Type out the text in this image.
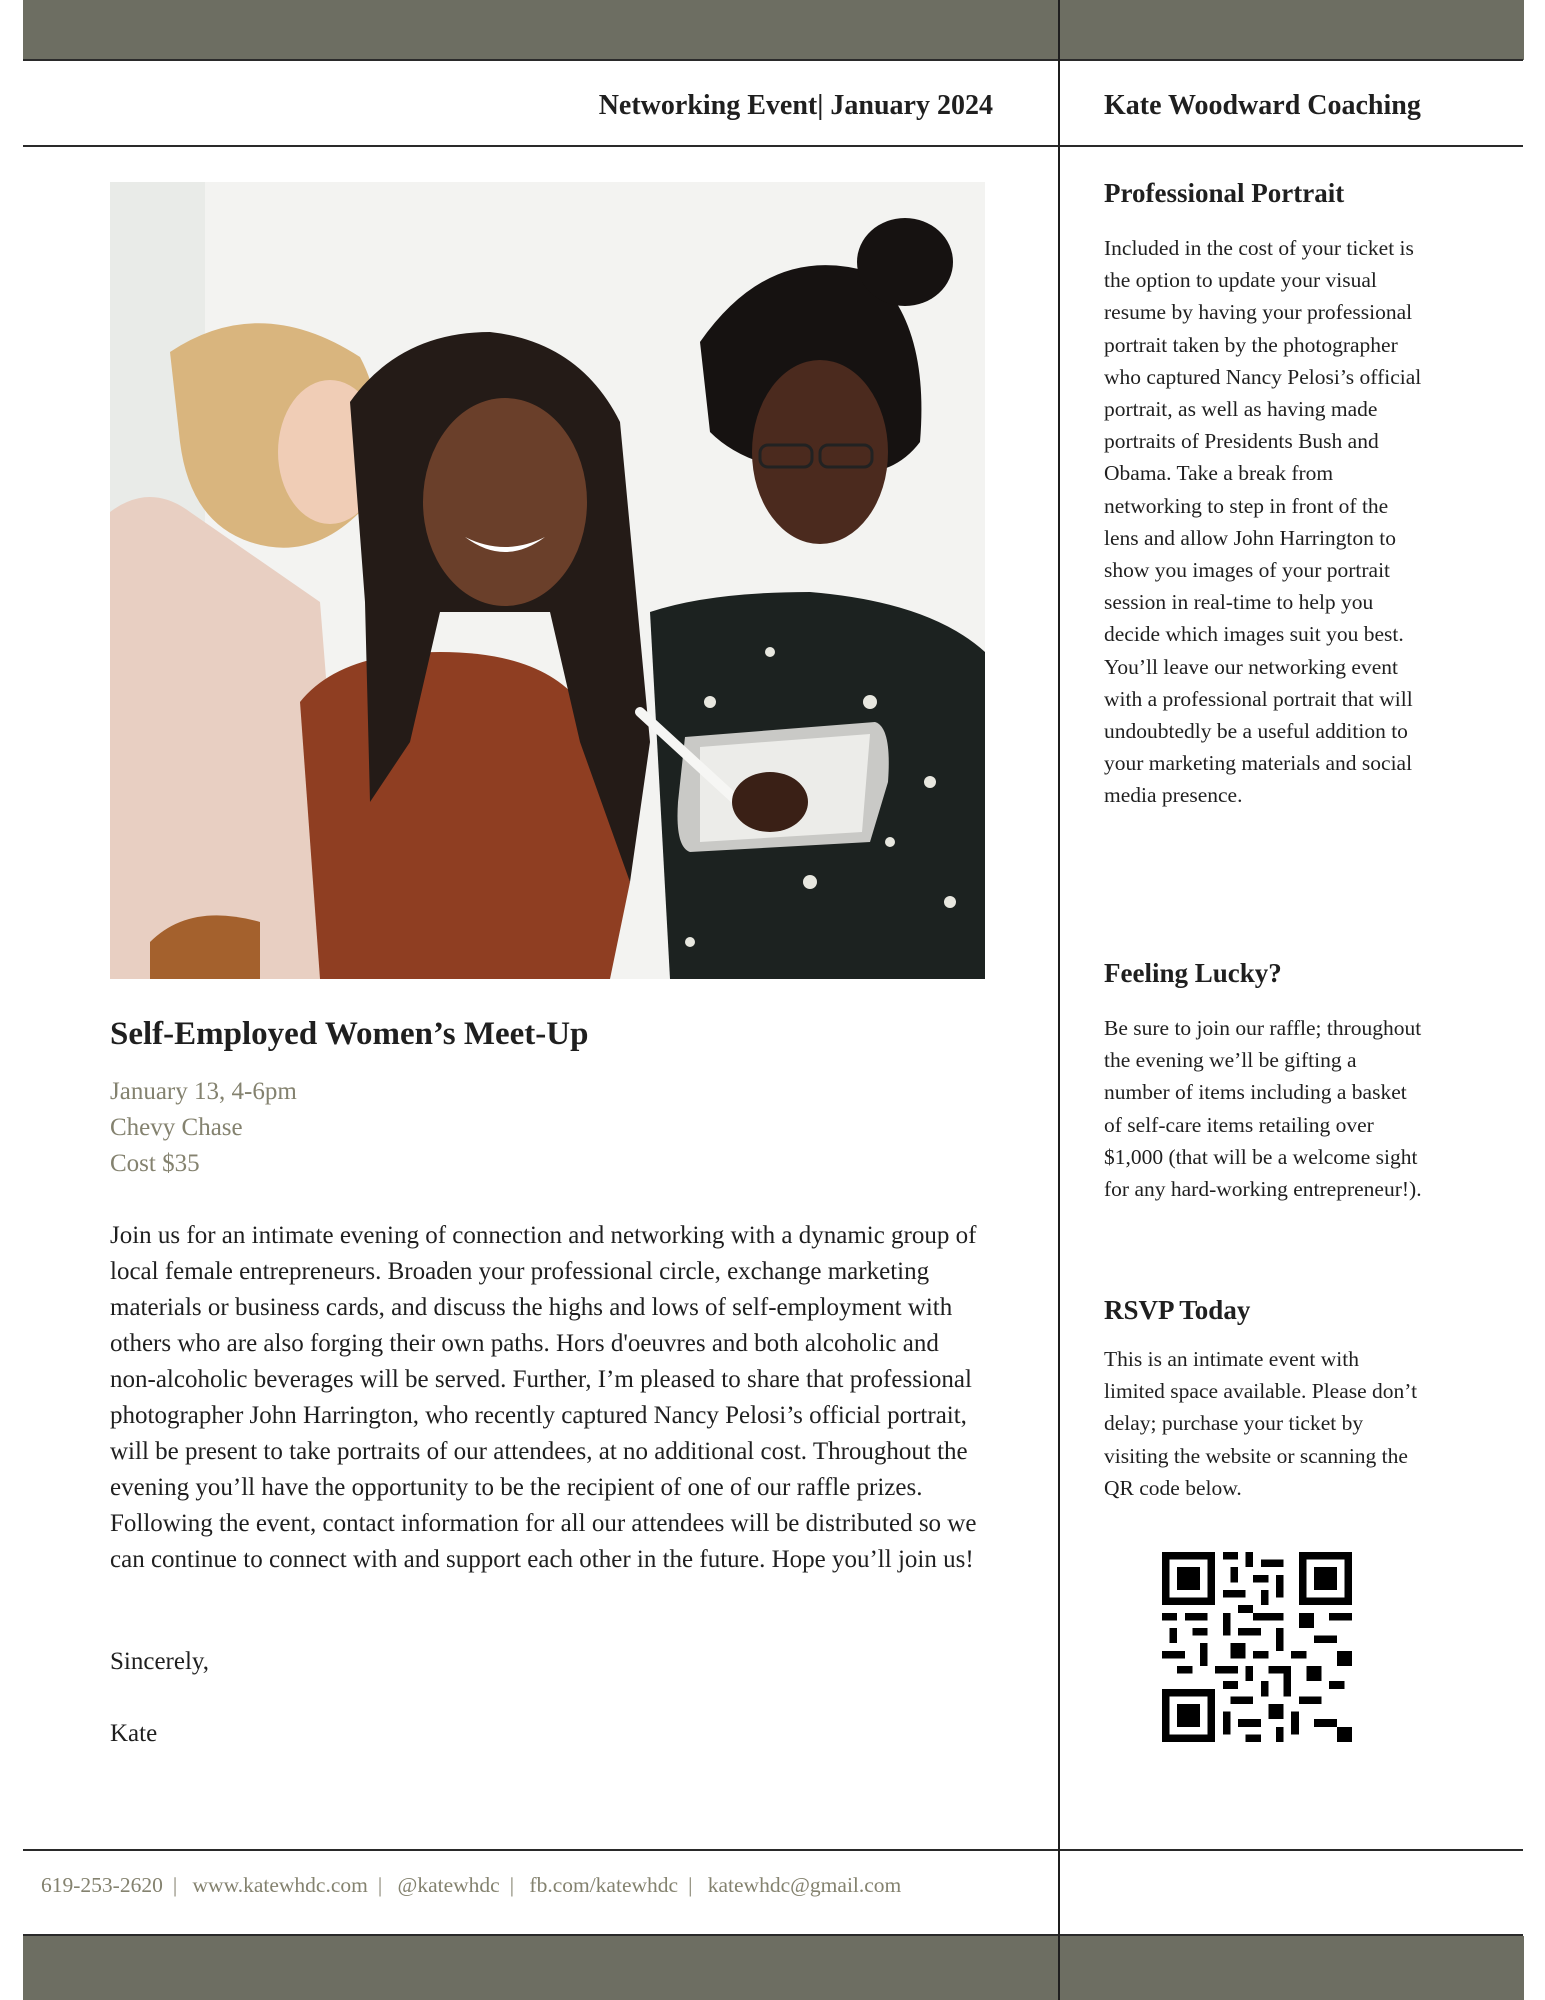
Networking Event| January 2024	Kate Woodward Coaching
Self-Employed Women’s Meet-Up
January 13, 4-6pm
Chevy Chase
Cost $35

Join us for an intimate evening of connection and networking with a dynamic group of local female entrepreneurs. Broaden your professional circle, exchange marketing materials or business cards, and discuss the highs and lows of self-employment with others who are also forging their own paths. Hors d'oeuvres and both alcoholic and non-alcoholic beverages will be served. Further, I’m pleased to share that professional photographer John Harrington, who recently captured Nancy Pelosi’s official portrait, will be present to take portraits of our attendees, at no additional cost. Throughout the evening you’ll have the opportunity to be the recipient of one of our raffle prizes. Following the event, contact information for all our attendees will be distributed so we can continue to connect with and support each other in the future. Hope you’ll join us!

Sincerely,
Kate
Professional Portrait

Included in the cost of your ticket is the option to update your visual resume by having your professional portrait taken by the photographer who captured Nancy Pelosi’s official portrait, as well as having made portraits of Presidents Bush and Obama. Take a break from networking to step in front of the lens and allow John Harrington to show you images of your portrait session in real-time to help you decide which images suit you best. You’ll leave our networking event with a professional portrait that will undoubtedly be a useful addition to your marketing materials and social media presence.

Feeling Lucky?

Be sure to join our raffle; throughout the evening we’ll be gifting a number of items including a basket of self-care items retailing over $1,000 (that will be a welcome sight for any hard-working entrepreneur!).

RSVP Today

This is an intimate event with limited space available. Please don’t delay; purchase your ticket by visiting the website or scanning the QR code below.

619-253-2620 | www.katewhdc.com | @katewhdc | fb.com/katewhdc | katewhdc@gmail.com
